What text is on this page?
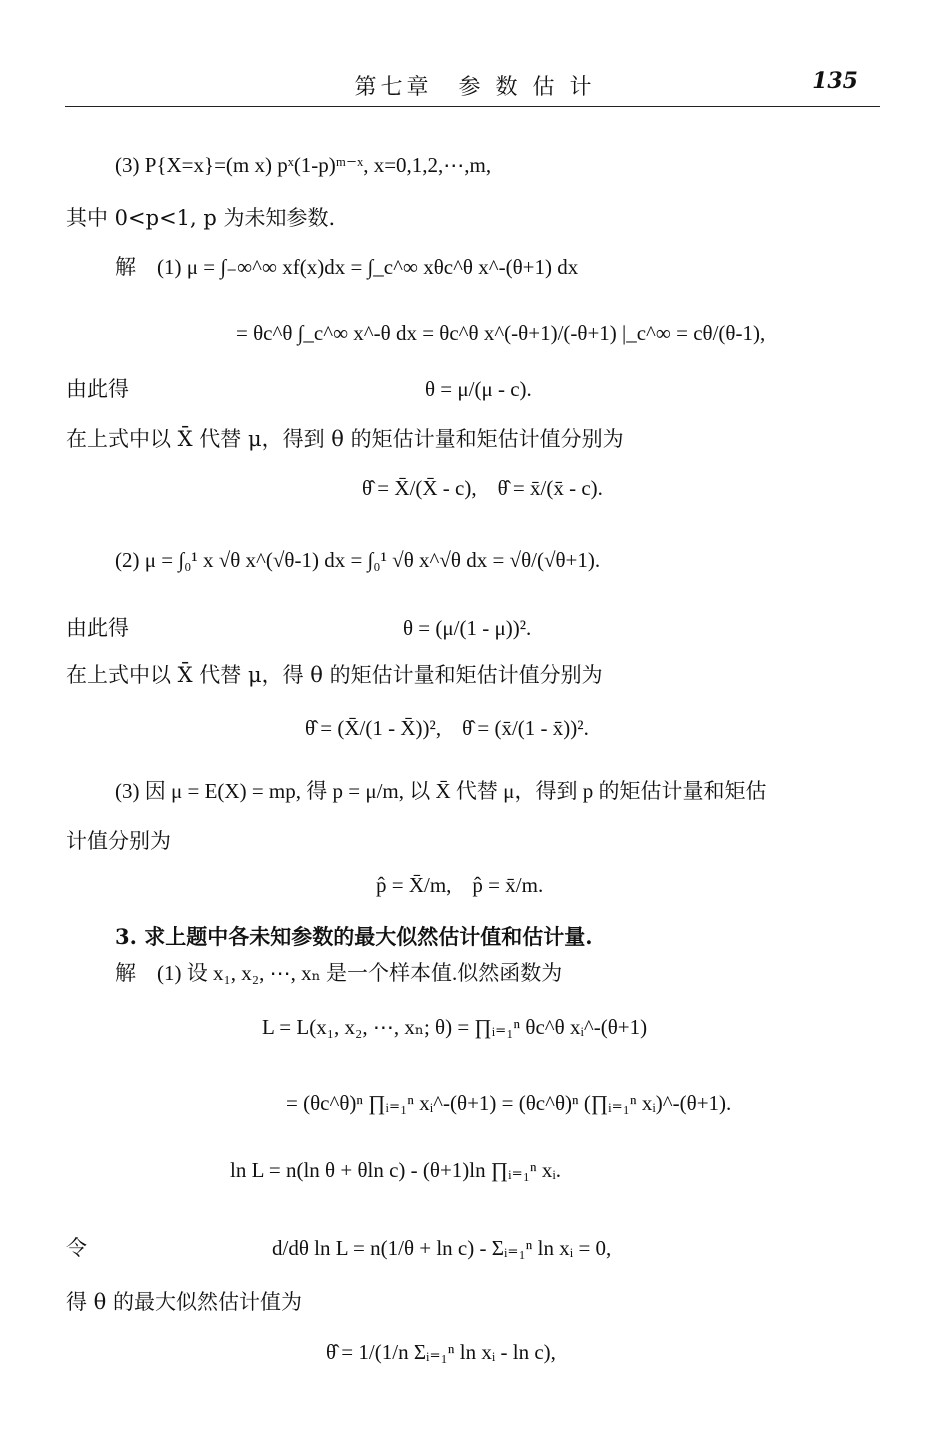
第七章　参 数 估 计	135
(3) P{X=x}=(m x) pˣ(1-p)ᵐ⁻ˣ, x=0,1,2,⋯,m,
其中 0<p<1, p 为未知参数.
解　(1) μ = ∫₋∞^∞ xf(x)dx = ∫_c^∞ xθc^θ x^-(θ+1) dx
= θc^θ ∫_c^∞ x^-θ dx = θc^θ x^(-θ+1)/(-θ+1) |_c^∞ = cθ/(θ-1),
由此得	θ = μ/(μ - c).
在上式中以 X̄ 代替 μ，得到 θ 的矩估计量和矩估计值分别为
θ̂ = X̄/(X̄ - c),　θ̂ = x̄/(x̄ - c).
(2) μ = ∫₀¹ x √θ x^(√θ-1) dx = ∫₀¹ √θ x^√θ dx = √θ/(√θ+1).
由此得	θ = (μ/(1 - μ))².
在上式中以 X̄ 代替 μ，得 θ 的矩估计量和矩估计值分别为
θ̂ = (X̄/(1 - X̄))²,　θ̂ = (x̄/(1 - x̄))².
(3) 因 μ = E(X) = mp, 得 p = μ/m, 以 X̄ 代替 μ，得到 p 的矩估计量和矩估
计值分别为
p̂ = X̄/m,　p̂ = x̄/m.
3. 求上题中各未知参数的最大似然估计值和估计量.
解　(1) 设 x₁, x₂, ⋯, xₙ 是一个样本值.似然函数为
L = L(x₁, x₂, ⋯, xₙ; θ) = ∏ᵢ₌₁ⁿ θc^θ xᵢ^-(θ+1)
= (θc^θ)ⁿ ∏ᵢ₌₁ⁿ xᵢ^-(θ+1) = (θc^θ)ⁿ (∏ᵢ₌₁ⁿ xᵢ)^-(θ+1).
ln L = n(ln θ + θln c) - (θ+1)ln ∏ᵢ₌₁ⁿ xᵢ.
令	d/dθ ln L = n(1/θ + ln c) - Σᵢ₌₁ⁿ ln xᵢ = 0,
得 θ 的最大似然估计值为
θ̂ = 1/(1/n Σᵢ₌₁ⁿ ln xᵢ - ln c),
